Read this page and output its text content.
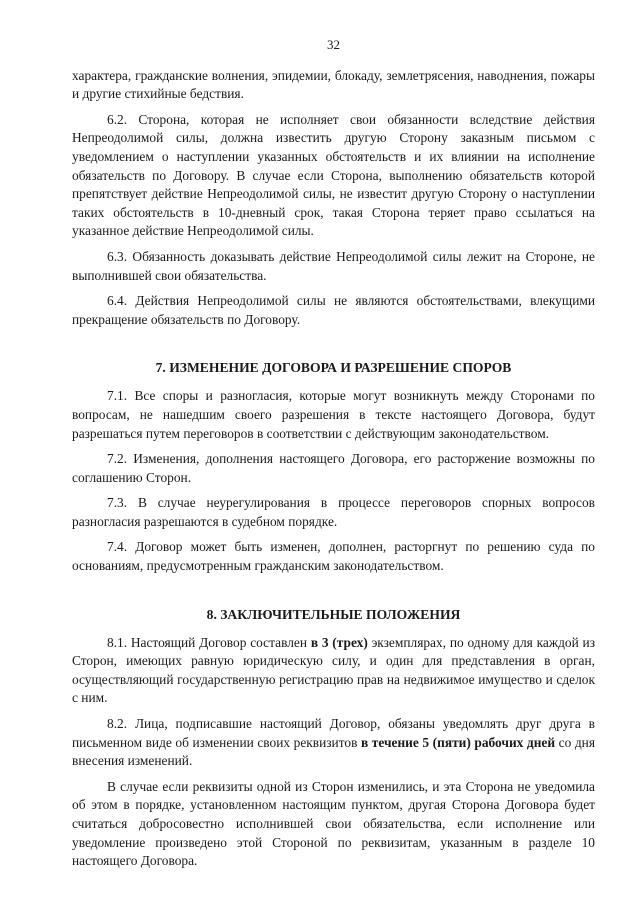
32

характера, гражданские волнения, эпидемии, блокаду, землетрясения, наводнения, пожары и другие стихийные бедствия.

6.2. Сторона, которая не исполняет свои обязанности вследствие действия Непреодолимой силы, должна известить другую Сторону заказным письмом с уведомлением о наступлении указанных обстоятельств и их влиянии на исполнение обязательств по Договору. В случае если Сторона, выполнению обязательств которой препятствует действие Непреодолимой силы, не известит другую Сторону о наступлении таких обстоятельств в 10-дневный срок, такая Сторона теряет право ссылаться на указанное действие Непреодолимой силы.

6.3. Обязанность доказывать действие Непреодолимой силы лежит на Стороне, не выполнившей свои обязательства.

6.4. Действия Непреодолимой силы не являются обстоятельствами, влекущими прекращение обязательств по Договору.

7. ИЗМЕНЕНИЕ ДОГОВОРА И РАЗРЕШЕНИЕ СПОРОВ

7.1. Все споры и разногласия, которые могут возникнуть между Сторонами по вопросам, не нашедшим своего разрешения в тексте настоящего Договора, будут разрешаться путем переговоров в соответствии с действующим законодательством.

7.2. Изменения, дополнения настоящего Договора, его расторжение возможны по соглашению Сторон.

7.3. В случае неурегулирования в процессе переговоров спорных вопросов разногласия разрешаются в судебном порядке.

7.4. Договор может быть изменен, дополнен, расторгнут по решению суда по основаниям, предусмотренным гражданским законодательством.

8. ЗАКЛЮЧИТЕЛЬНЫЕ ПОЛОЖЕНИЯ

8.1. Настоящий Договор составлен в 3 (трех) экземплярах, по одному для каждой из Сторон, имеющих равную юридическую силу, и один для представления в орган, осуществляющий государственную регистрацию прав на недвижимое имущество и сделок с ним.

8.2. Лица, подписавшие настоящий Договор, обязаны уведомлять друг друга в письменном виде об изменении своих реквизитов в течение 5 (пяти) рабочих дней со дня внесения изменений.

В случае если реквизиты одной из Сторон изменились, и эта Сторона не уведомила об этом в порядке, установленном настоящим пунктом, другая Сторона Договора будет считаться добросовестно исполнившей свои обязательства, если исполнение или уведомление произведено этой Стороной по реквизитам, указанным в разделе 10 настоящего Договора.
